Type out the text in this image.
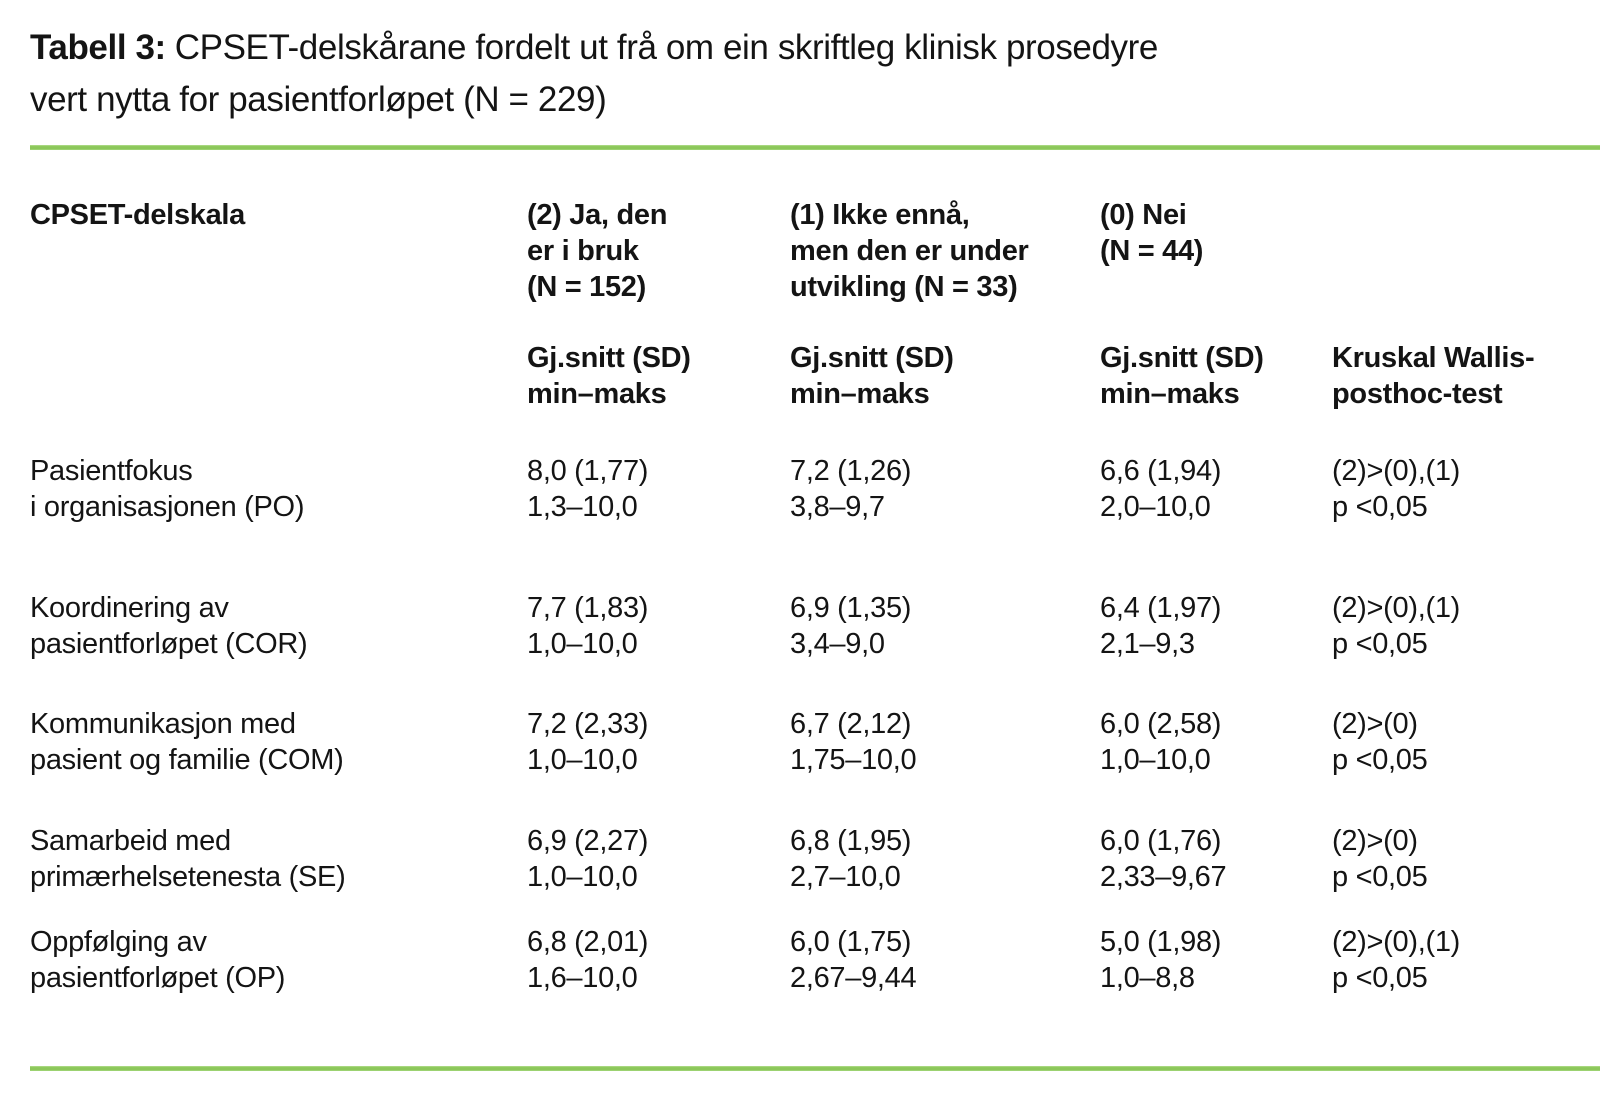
Tabell 3: CPSET-delskårane fordelt ut frå om ein skriftleg klinisk prosedyre
vert nytta for pasientforløpet (N = 229)
CPSET-delskala	(2) Ja, den
er i bruk
(N = 152)
(1) Ikke ennå,
men den er under
utvikling (N = 33)
(0) Nei
(N = 44)
Gj.snitt (SD)
min–maks
Gj.snitt (SD)
min–maks
Gj.snitt (SD)
min–maks
Kruskal Wallis-
posthoc-test
Pasientfokus
i organisasjonen (PO)
8,0 (1,77)
1,3–10,0
7,2 (1,26)
3,8–9,7
6,6 (1,94)
2,0–10,0
(2)>(0),(1)
p <0,05
Koordinering av
pasientforløpet (COR)
7,7 (1,83)
1,0–10,0
6,9 (1,35)
3,4–9,0
6,4 (1,97)
2,1–9,3
(2)>(0),(1)
p <0,05
Kommunikasjon med
pasient og familie (COM)
7,2 (2,33)
1,0–10,0
6,7 (2,12)
1,75–10,0
6,0 (2,58)
1,0–10,0
(2)>(0)
p <0,05
Samarbeid med
primærhelsetenesta (SE)
6,9 (2,27)
1,0–10,0
6,8 (1,95)
2,7–10,0
6,0 (1,76)
2,33–9,67
(2)>(0)
p <0,05
Oppfølging av
pasientforløpet (OP)
6,8 (2,01)
1,6–10,0
6,0 (1,75)
2,67–9,44
5,0 (1,98)
1,0–8,8
(2)>(0),(1)
p <0,05
